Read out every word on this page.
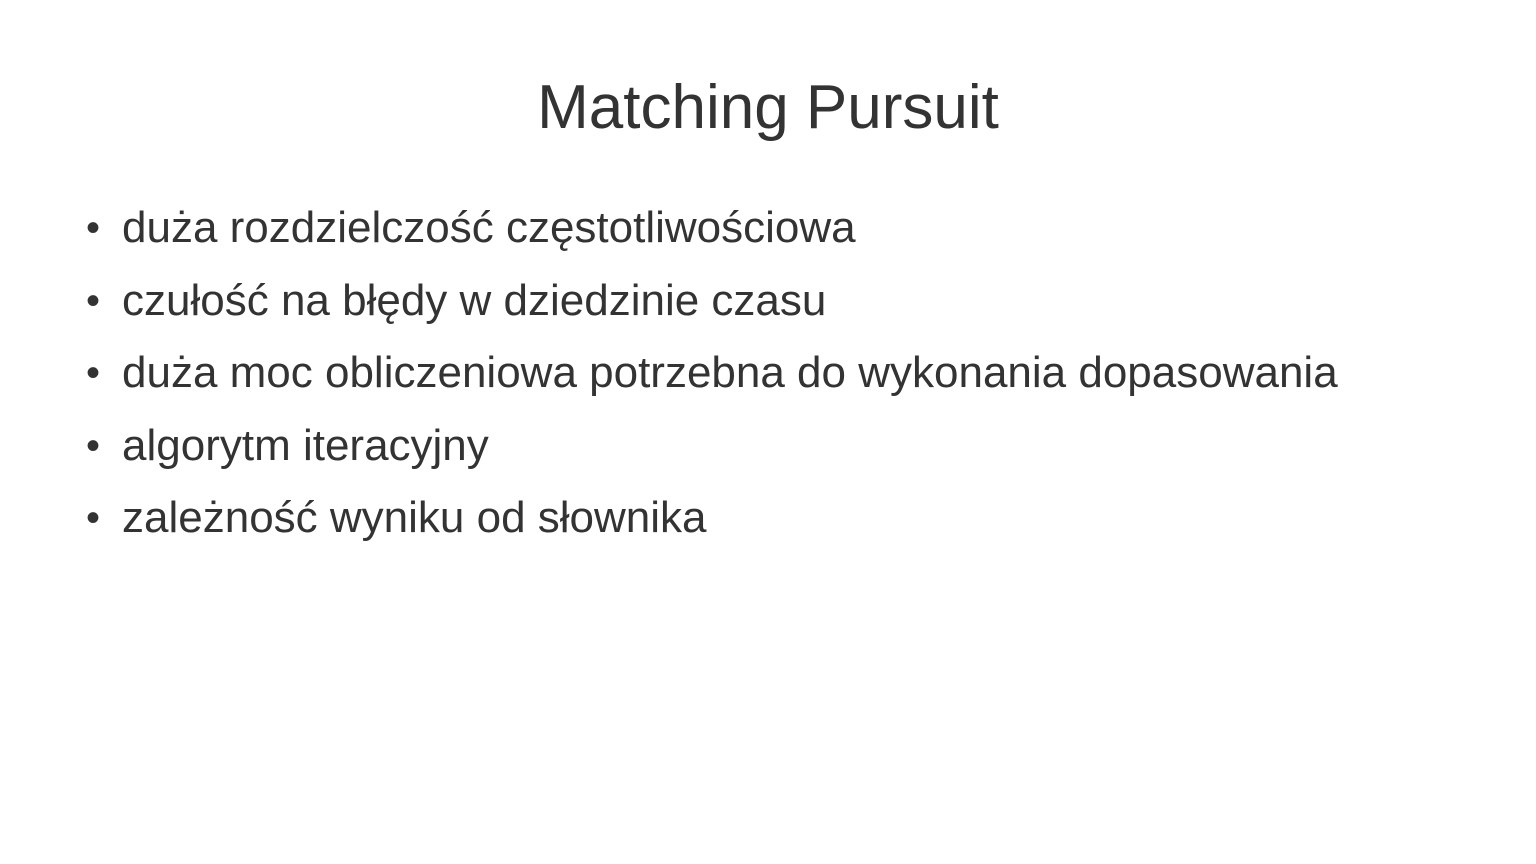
Matching Pursuit
• duża rozdzielczość częstotliwościowa
• czułość na błędy w dziedzinie czasu
• duża moc obliczeniowa potrzebna do wykonania dopasowania
• algorytm iteracyjny
• zależność wyniku od słownika
